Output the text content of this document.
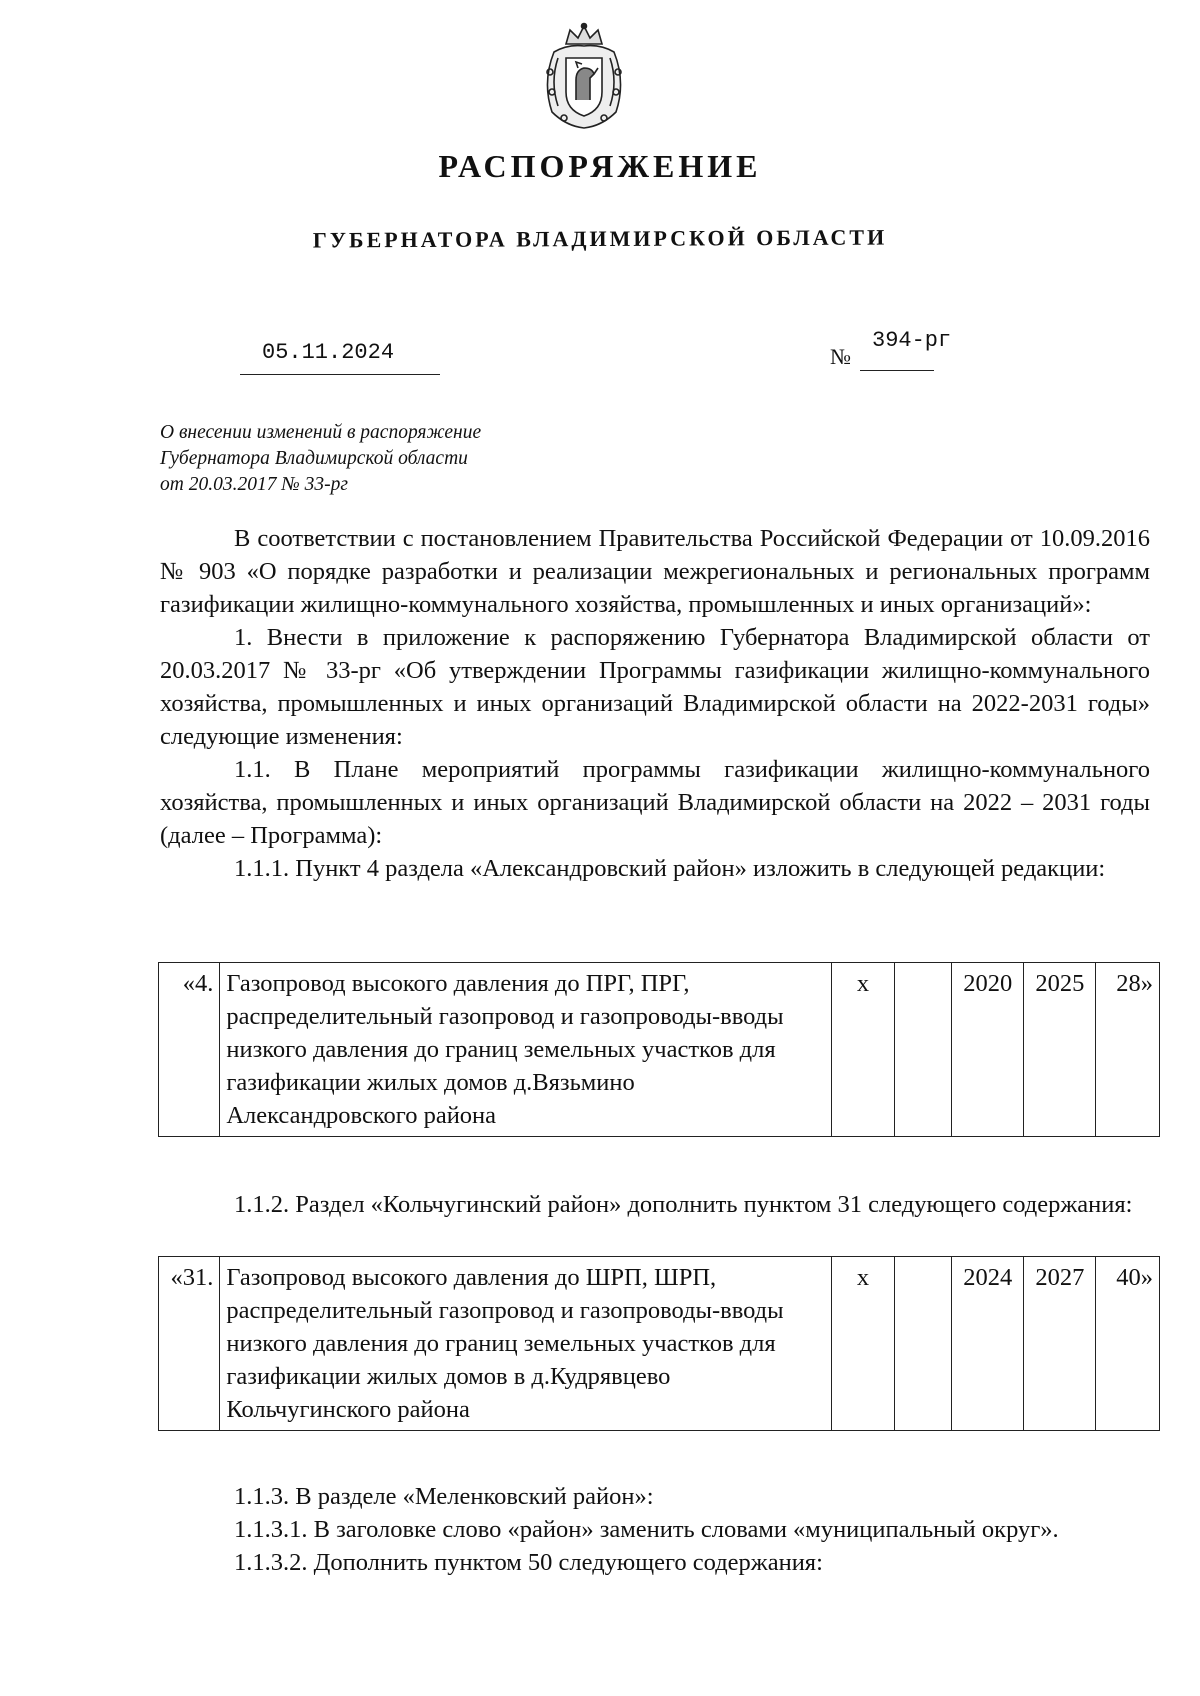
РАСПОРЯЖЕНИЕ
ГУБЕРНАТОРА ВЛАДИМИРСКОЙ ОБЛАСТИ
05.11.2024	№
394-рг
О внесении изменений в распоряжение
Губернатора Владимирской области
от 20.03.2017 № 33-рг

В соответствии с постановлением Правительства Российской Федерации от 10.09.2016 № 903 «О порядке разработки и реализации межрегиональных и региональных программ газификации жилищно-коммунального хозяйства, промышленных и иных организаций»:

1. Внести в приложение к распоряжению Губернатора Владимирской области от 20.03.2017 № 33-рг «Об утверждении Программы газификации жилищно-коммунального хозяйства, промышленных и иных организаций Владимирской области на 2022-2031 годы» следующие изменения:

1.1. В Плане мероприятий программы газификации жилищно-коммунального хозяйства, промышленных и иных организаций Владимирской области на 2022 – 2031 годы (далее – Программа):

1.1.1. Пункт 4 раздела «Александровский район» изложить в следующей редакции:

«4.	Газопровод высокого давления до ПРГ, ПРГ, распределительный газопровод и газопроводы-вводы низкого давления до границ земельных участков для газификации жилых домов д.Вязьмино Александровского района	х		2020	2025	28»

1.1.2. Раздел «Кольчугинский район» дополнить пунктом 31 следующего содержания:

«31.	Газопровод высокого давления до ШРП, ШРП, распределительный газопровод и газопроводы-вводы низкого давления до границ земельных участков для газификации жилых домов в д.Кудрявцево Кольчугинского района	х		2024	2027	40»

1.1.3. В разделе «Меленковский район»:

1.1.3.1. В заголовке слово «район» заменить словами «муниципальный округ».

1.1.3.2. Дополнить пунктом 50 следующего содержания:
